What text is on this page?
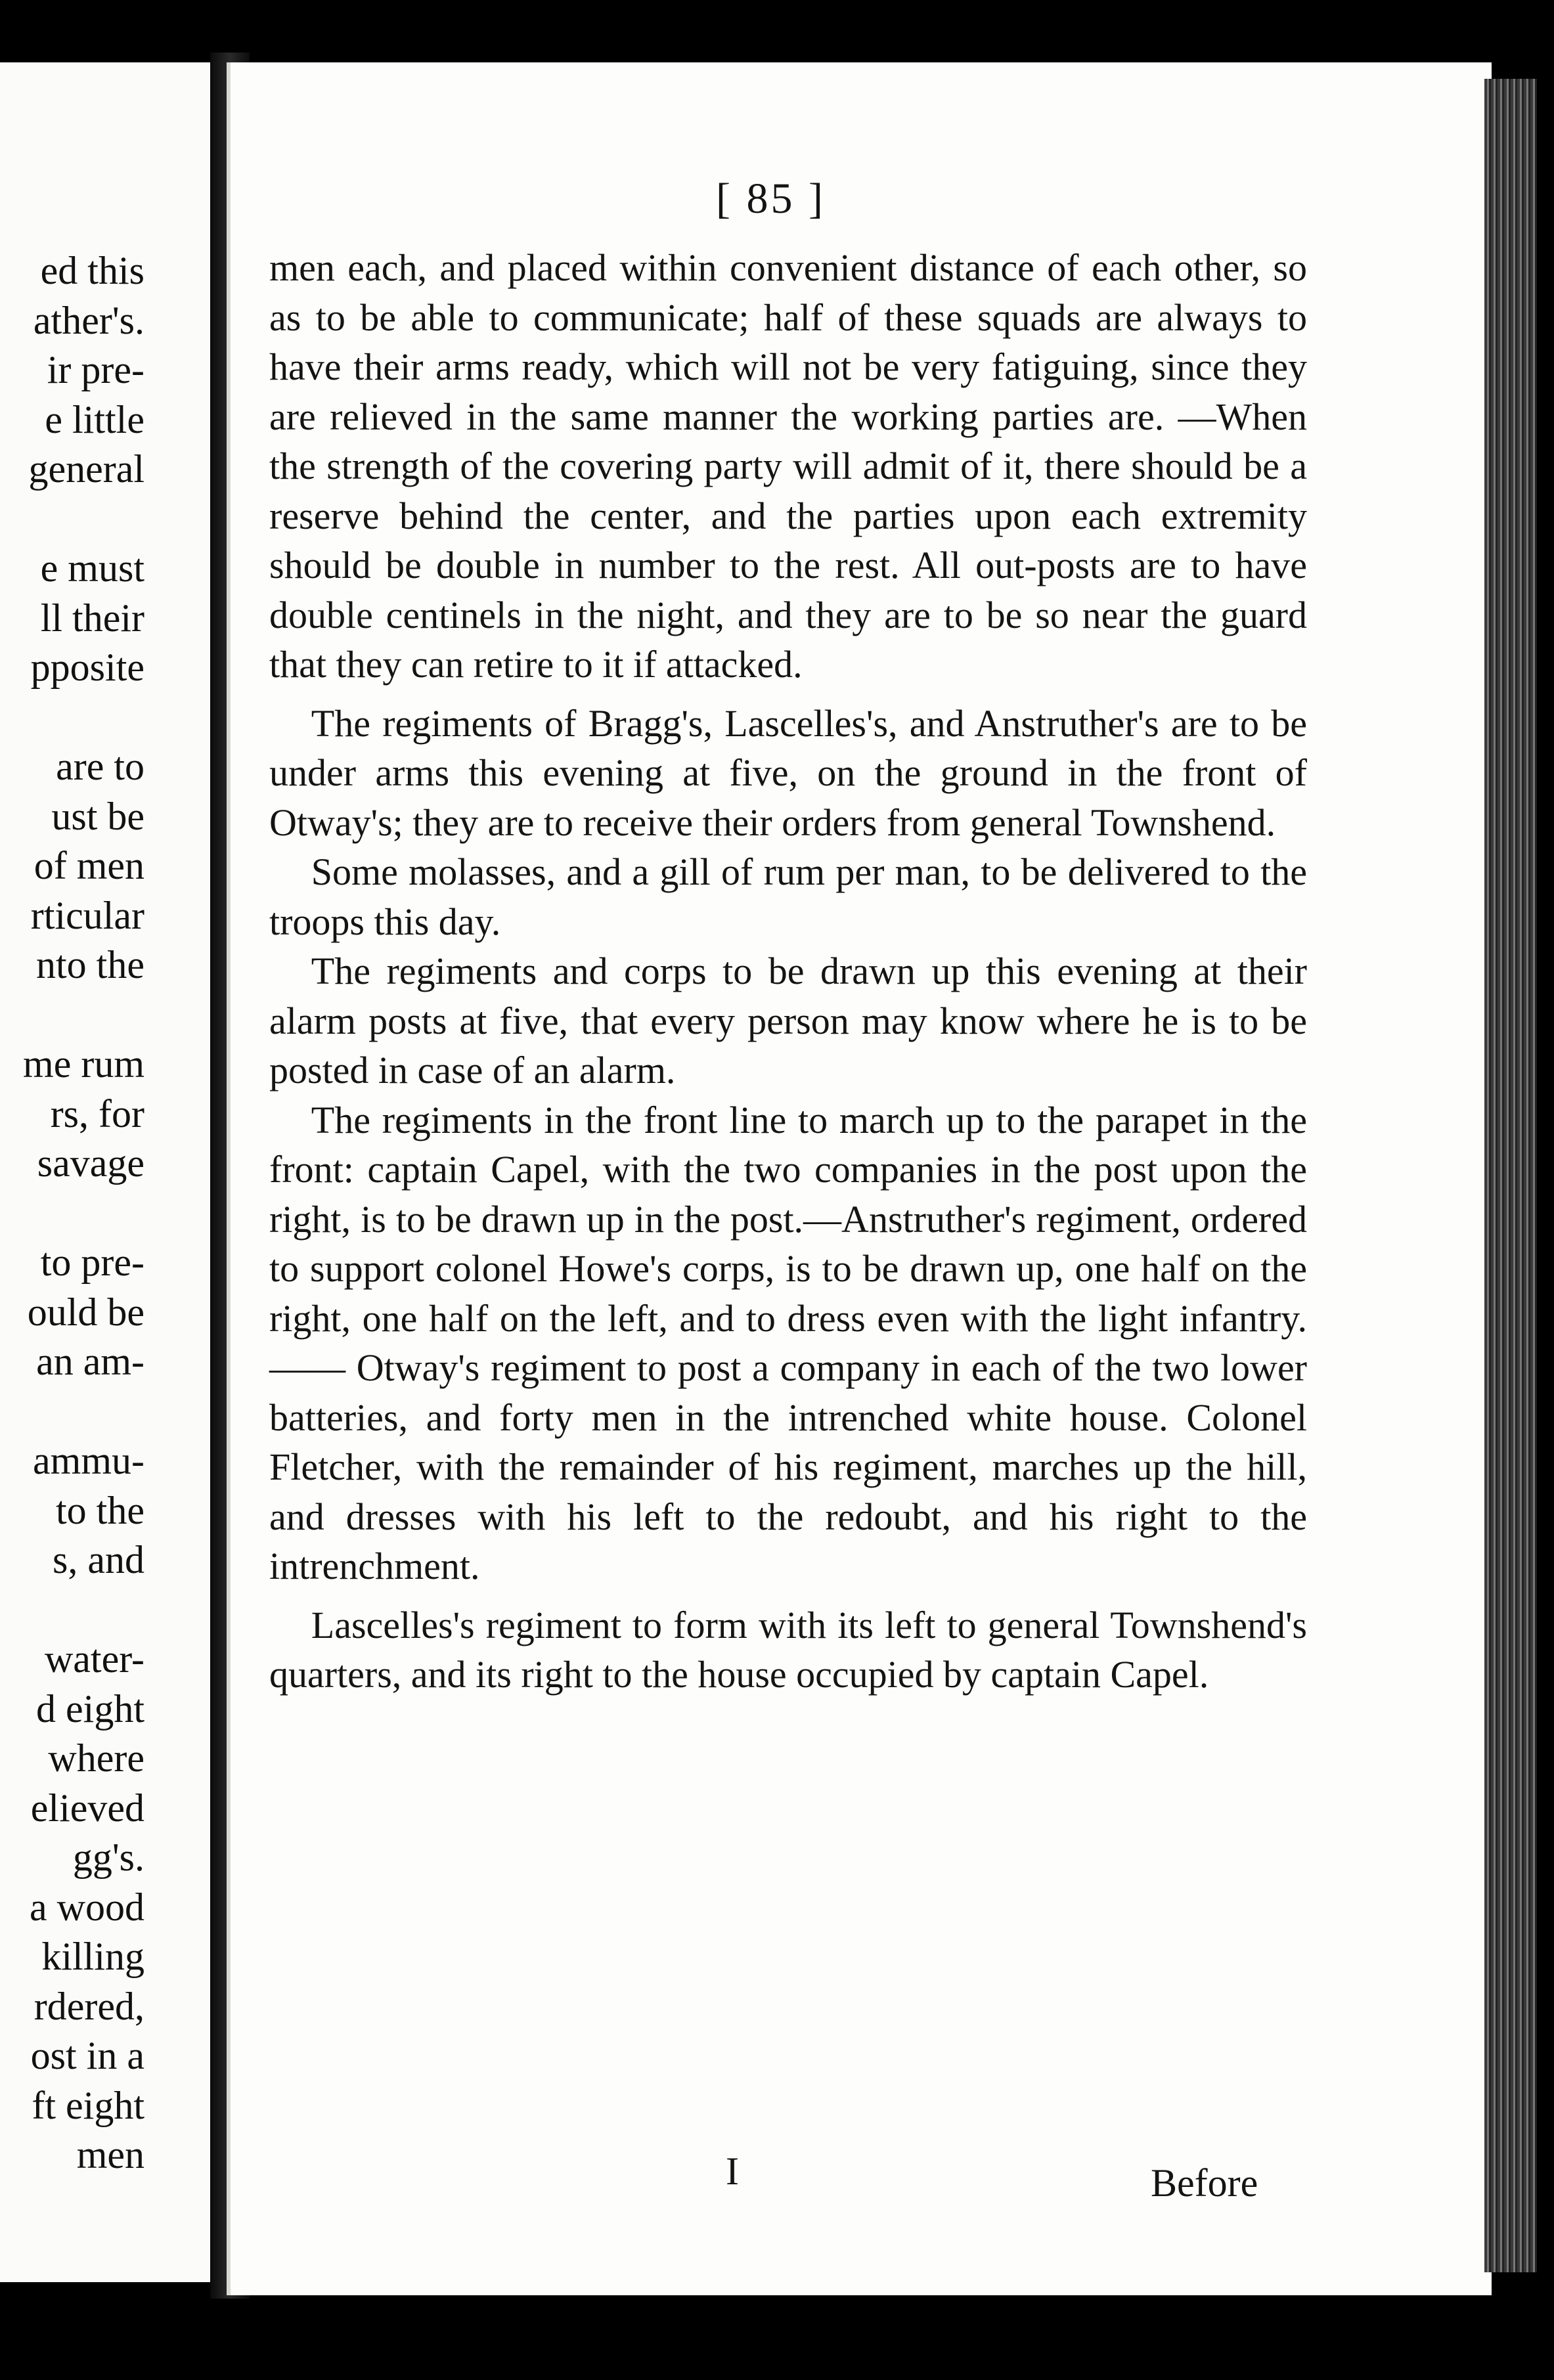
ed this
ather's.
ir pre-
e little
general

e must
ll their
pposite

are to
ust be
of men
rticular
nto the

me rum
rs, for
savage

to pre-
ould be
an am-

ammu-
to the
s, and

water-
d eight
where
elieved
gg's.
a wood
killing
rdered,
ost in a
ft eight
men
[ 85 ]

men each, and placed within convenient distance of each other, so as to be able to communicate; half of these squads are always to have their arms ready, which will not be very fatiguing, since they are relieved in the same manner the working parties are. —When the strength of the covering party will admit of it, there should be a reserve behind the center, and the parties upon each extremity should be double in number to the rest. All out-posts are to have double centinels in the night, and they are to be so near the guard that they can retire to it if attacked.

The regiments of Bragg's, Lascelles's, and Anstruther's are to be under arms this evening at five, on the ground in the front of Otway's; they are to receive their orders from general Townshend.

Some molasses, and a gill of rum per man, to be delivered to the troops this day.

The regiments and corps to be drawn up this evening at their alarm posts at five, that every person may know where he is to be posted in case of an alarm.

The regiments in the front line to march up to the parapet in the front: captain Capel, with the two companies in the post upon the right, is to be drawn up in the post.—Anstruther's regiment, ordered to support colonel Howe's corps, is to be drawn up, one half on the right, one half on the left, and to dress even with the light infantry.—— Otway's regiment to post a company in each of the two lower batteries, and forty men in the intrenched white house. Colonel Fletcher, with the remainder of his regiment, marches up the hill, and dresses with his left to the redoubt, and his right to the intrenchment.

Lascelles's regiment to form with its left to general Townshend's quarters, and its right to the house occupied by captain Capel.

I	Before
